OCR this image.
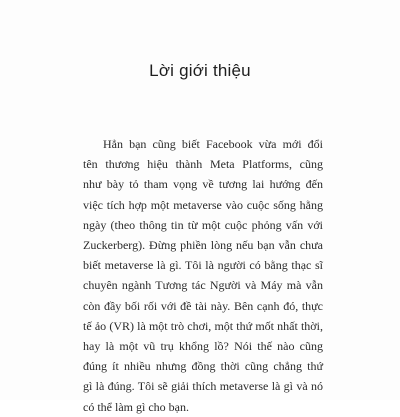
Lời giới thiệu
Hẳn bạn cũng biết Facebook vừa mới đổi
tên thương hiệu thành Meta Platforms, cũng
như bày tỏ tham vọng về tương lai hướng đến
việc tích hợp một metaverse vào cuộc sống hằng
ngày (theo thông tin từ một cuộc phỏng vấn với
Zuckerberg). Đừng phiền lòng nếu bạn vẫn chưa
biết metaverse là gì. Tôi là người có bằng thạc sĩ
chuyên ngành Tương tác Người và Máy mà vẫn
còn đầy bối rối với đề tài này. Bên cạnh đó, thực
tế ảo (VR) là một trò chơi, một thứ mốt nhất thời,
hay là một vũ trụ khổng lồ? Nói thế nào cũng
đúng ít nhiều nhưng đồng thời cũng chẳng thứ
gì là đúng. Tôi sẽ giải thích metaverse là gì và nó
có thể làm gì cho bạn.
